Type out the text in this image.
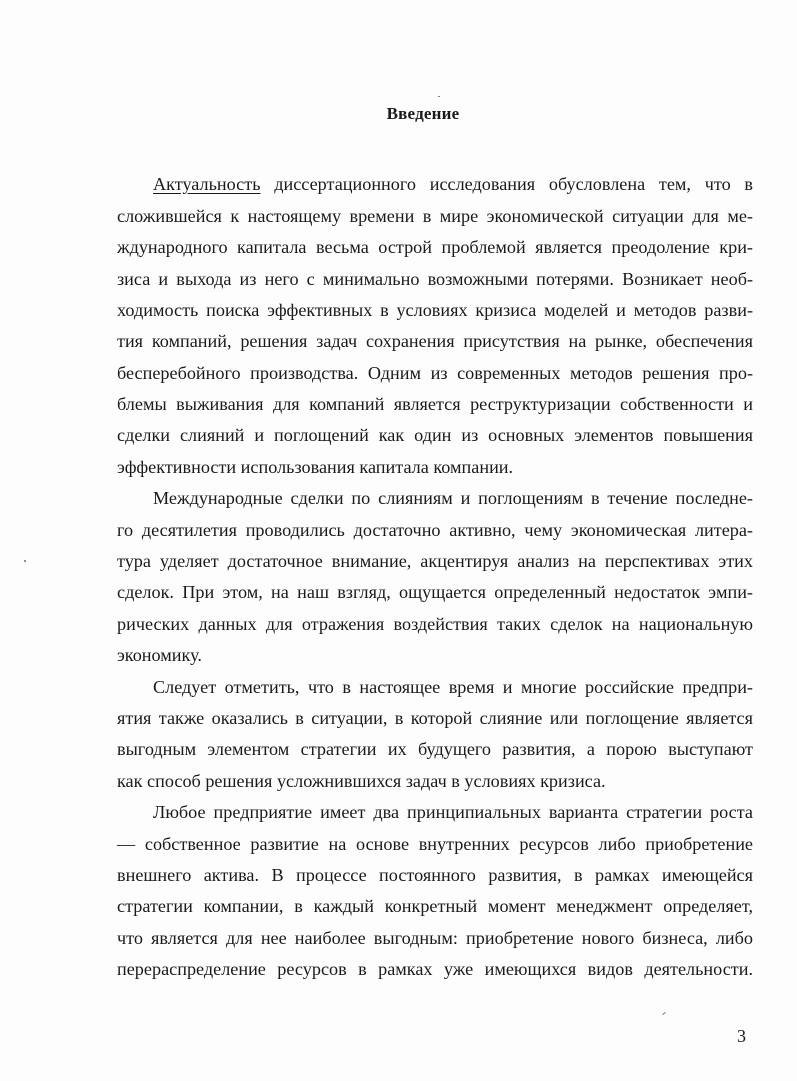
Введение
Актуальность диссертационного исследования обусловлена тем, что в
сложившейся к настоящему времени в мире экономической ситуации для ме-
ждународного капитала весьма острой проблемой является преодоление кри-
зиса и выхода из него с минимально возможными потерями. Возникает необ-
ходимость поиска эффективных в условиях кризиса моделей и методов разви-
тия компаний, решения задач сохранения присутствия на рынке, обеспечения
бесперебойного производства. Одним из современных методов решения про-
блемы выживания для компаний является реструктуризации собственности и
сделки слияний и поглощений как один из основных элементов повышения
эффективности использования капитала компании.
Международные сделки по слияниям и поглощениям в течение последне-
го десятилетия проводились достаточно активно, чему экономическая литера-
тура уделяет достаточное внимание, акцентируя анализ на перспективах этих
сделок. При этом, на наш взгляд, ощущается определенный недостаток эмпи-
рических данных для отражения воздействия таких сделок на национальную
экономику.
Следует отметить, что в настоящее время и многие российские предпри-
ятия также оказались в ситуации, в которой слияние или поглощение является
выгодным элементом стратегии их будущего развития, а порою выступают
как способ решения усложнившихся задач в условиях кризиса.
Любое предприятие имеет два принципиальных варианта стратегии роста
— собственное развитие на основе внутренних ресурсов либо приобретение
внешнего актива. В процессе постоянного развития, в рамках имеющейся
стратегии компании, в каждый конкретный момент менеджмент определяет,
что является для нее наиболее выгодным: приобретение нового бизнеса, либо
перераспределение ресурсов в рамках уже имеющихся видов деятельности.
3
